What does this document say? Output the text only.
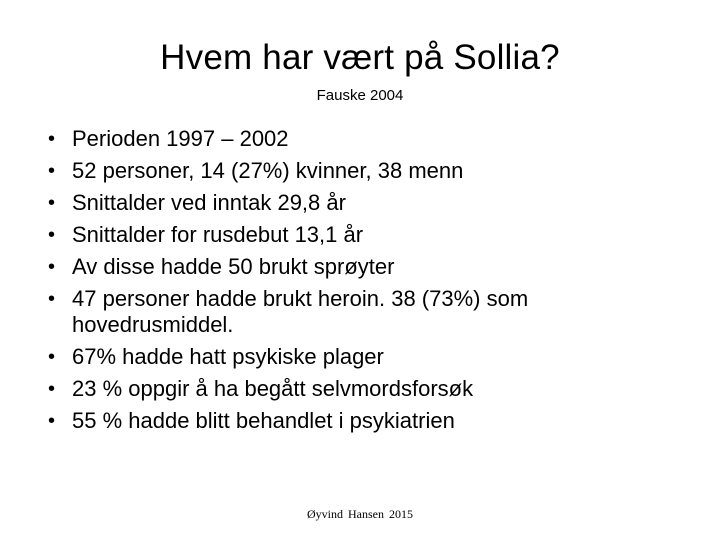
Hvem har vært på Sollia?
Fauske 2004
• Perioden 1997 – 2002
• 52 personer, 14 (27%) kvinner, 38 menn
• Snittalder ved inntak 29,8 år
• Snittalder for rusdebut 13,1 år
• Av disse hadde 50 brukt sprøyter
• 47 personer hadde brukt heroin. 38 (73%) som hovedrusmiddel.
• 67% hadde hatt psykiske plager
• 23 % oppgir å ha begått selvmordsforsøk
• 55 % hadde blitt behandlet i psykiatrien
Øyvind Hansen 2015
